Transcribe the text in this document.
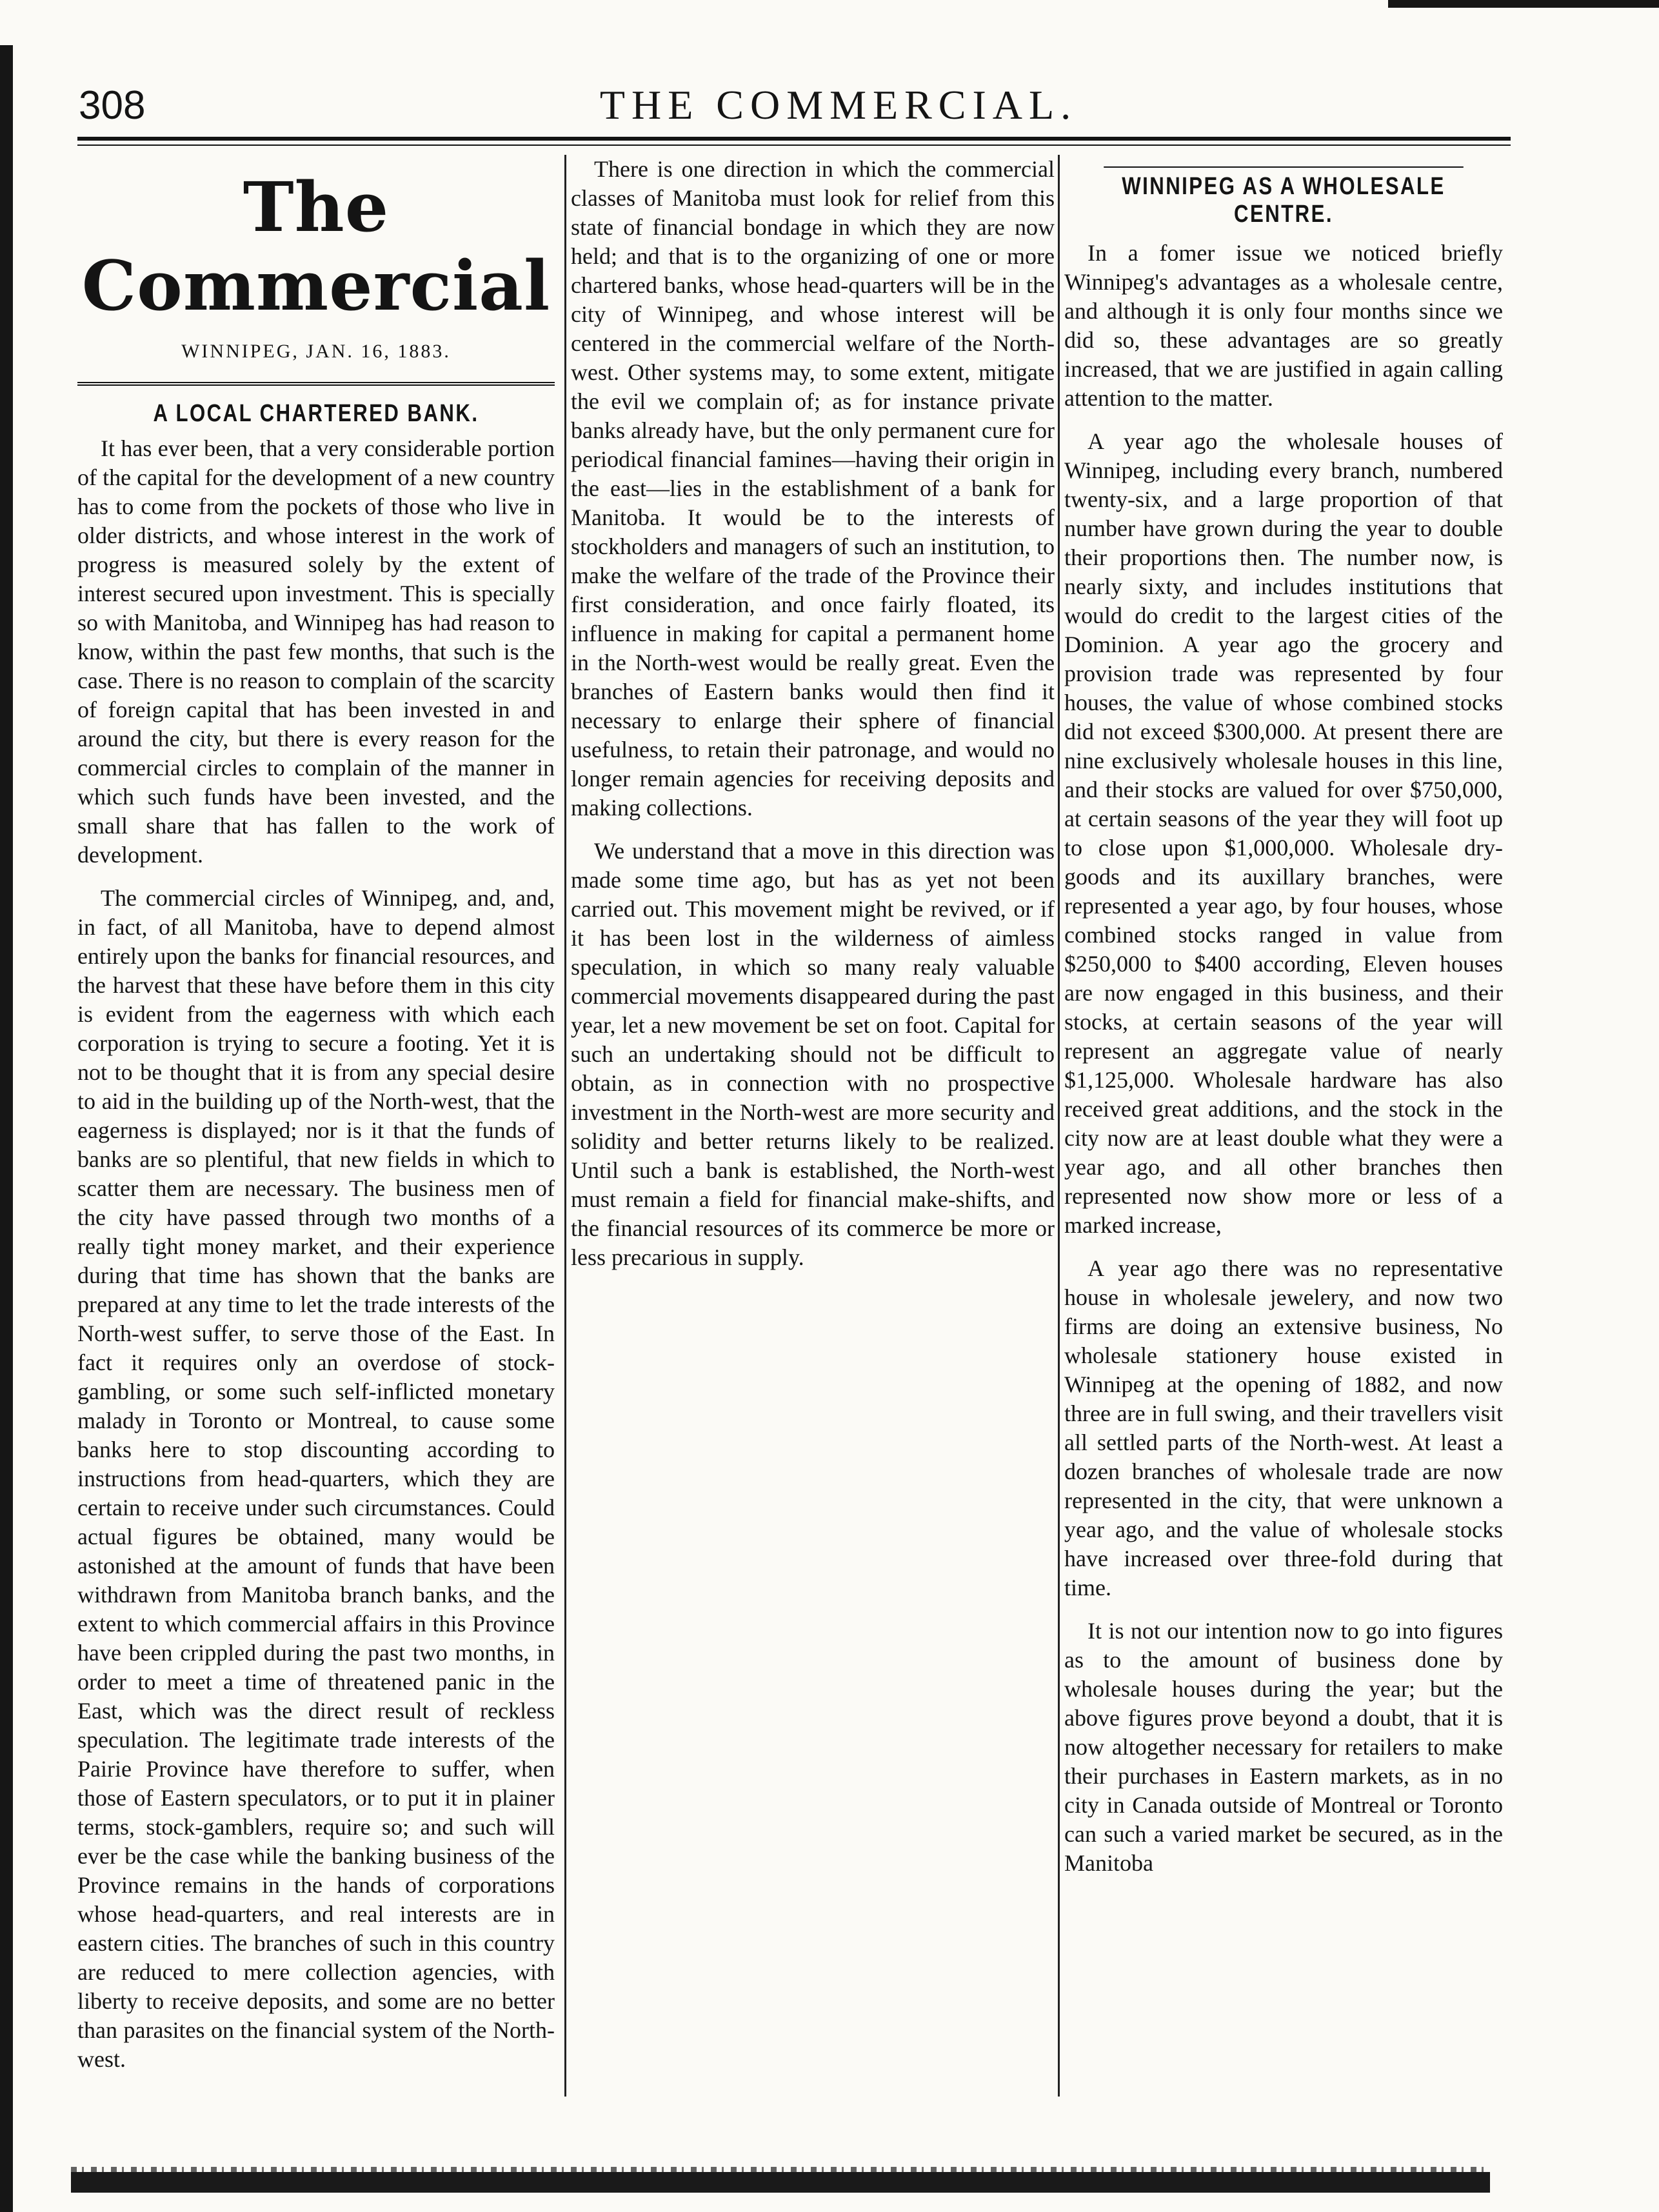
308	THE COMMERCIAL.
The Commercial
WINNIPEG, JAN. 16, 1883.
A LOCAL CHARTERED BANK.

It has ever been, that a very considerable portion of the capital for the development of a new country has to come from the pockets of those who live in older districts, and whose interest in the work of progress is measured solely by the extent of interest secured upon investment. This is specially so with Manitoba, and Winnipeg has had reason to know, within the past few months, that such is the case. There is no reason to complain of the scarcity of foreign capital that has been invested in and around the city, but there is every reason for the commercial circles to complain of the manner in which such funds have been invested, and the small share that has fallen to the work of development.

The commercial circles of Winnipeg, and, and, in fact, of all Manitoba, have to depend almost entirely upon the banks for financial resources, and the harvest that these have before them in this city is evident from the eagerness with which each corporation is trying to secure a footing. Yet it is not to be thought that it is from any special desire to aid in the building up of the North-west, that the eagerness is displayed; nor is it that the funds of banks are so plentiful, that new fields in which to scatter them are necessary. The business men of the city have passed through two months of a really tight money market, and their experience during that time has shown that the banks are prepared at any time to let the trade interests of the North-west suffer, to serve those of the East. In fact it requires only an overdose of stock-gambling, or some such self-inflicted monetary malady in Toronto or Montreal, to cause some banks here to stop discounting according to instructions from head-quarters, which they are certain to receive under such circumstances. Could actual figures be obtained, many would be astonished at the amount of funds that have been withdrawn from Manitoba branch banks, and the extent to which commercial affairs in this Province have been crippled during the past two months, in order to meet a time of threatened panic in the East, which was the direct result of reckless speculation. The legitimate trade interests of the Pairie Province have therefore to suffer, when those of Eastern speculators, or to put it in plainer terms, stock-gamblers, require so; and such will ever be the case while the banking business of the Province remains in the hands of corporations whose head-quarters, and real interests are in eastern cities. The branches of such in this country are reduced to mere collection agencies, with liberty to receive deposits, and some are no better than parasites on the financial system of the North-west.

There is one direction in which the commercial classes of Manitoba must look for relief from this state of financial bondage in which they are now held; and that is to the organizing of one or more chartered banks, whose head-quarters will be in the city of Winnipeg, and whose interest will be centered in the commercial welfare of the North-west. Other systems may, to some extent, mitigate the evil we complain of; as for instance private banks already have, but the only permanent cure for periodical financial famines—having their origin in the east—lies in the establishment of a bank for Manitoba. It would be to the interests of stockholders and managers of such an institution, to make the welfare of the trade of the Province their first consideration, and once fairly floated, its influence in making for capital a permanent home in the North-west would be really great. Even the branches of Eastern banks would then find it necessary to enlarge their sphere of financial usefulness, to retain their patronage, and would no longer remain agencies for receiving deposits and making collections.

We understand that a move in this direction was made some time ago, but has as yet not been carried out. This movement might be revived, or if it has been lost in the wilderness of aimless speculation, in which so many realy valuable commercial movements disappeared during the past year, let a new movement be set on foot. Capital for such an undertaking should not be difficult to obtain, as in connection with no prospective investment in the North-west are more security and solidity and better returns likely to be realized. Until such a bank is established, the North-west must remain a field for financial make-shifts, and the financial resources of its commerce be more or less precarious in supply.

WINNIPEG AS A WHOLESALE CENTRE.

In a fomer issue we noticed briefly Winnipeg's advantages as a wholesale centre, and although it is only four months since we did so, these advantages are so greatly increased, that we are justified in again calling attention to the matter.

A year ago the wholesale houses of Winnipeg, including every branch, numbered twenty-six, and a large proportion of that number have grown during the year to double their proportions then. The number now, is nearly sixty, and includes institutions that would do credit to the largest cities of the Dominion. A year ago the grocery and provision trade was represented by four houses, the value of whose combined stocks did not exceed $300,000. At present there are nine exclusively wholesale houses in this line, and their stocks are valued for over $750,000, at certain seasons of the year they will foot up to close upon $1,000,000. Wholesale dry-goods and its auxillary branches, were represented a year ago, by four houses, whose combined stocks ranged in value from $250,000 to $400 according, Eleven houses are now engaged in this business, and their stocks, at certain seasons of the year will represent an aggregate value of nearly $1,125,000. Wholesale hardware has also received great additions, and the stock in the city now are at least double what they were a year ago, and all other branches then represented now show more or less of a marked increase,

A year ago there was no representative house in wholesale jewelery, and now two firms are doing an extensive business, No wholesale stationery house existed in Winnipeg at the opening of 1882, and now three are in full swing, and their travellers visit all settled parts of the North-west. At least a dozen branches of wholesale trade are now represented in the city, that were unknown a year ago, and the value of wholesale stocks have increased over three-fold during that time.

It is not our intention now to go into figures as to the amount of business done by wholesale houses during the year; but the above figures prove beyond a doubt, that it is now altogether necessary for retailers to make their purchases in Eastern markets, as in no city in Canada outside of Montreal or Toronto can such a varied market be secured, as in the Manitoba
